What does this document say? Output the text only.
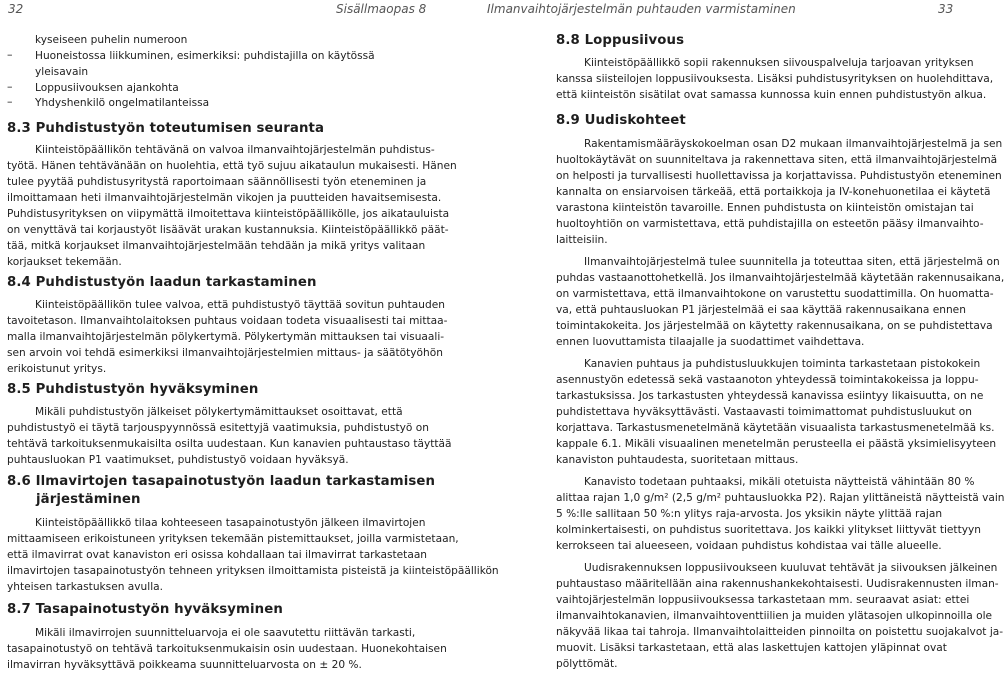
32	Sisällmaopas 8	Ilmanvaihtojärjestelmän puhtauden varmistaminen	33
kyseiseen puhelin numeroon
– Huoneistossa liikkuminen, esimerkiksi: puhdistajilla on käytössä
yleisavain
– Loppusiivouksen ajankohta
– Yhdyshenkilö ongelmatilanteissa
8.3 Puhdistustyön toteutumisen seuranta
Kiinteistöpäällikön tehtävänä on valvoa ilmanvaihtojärjestelmän puhdistus-
työtä. Hänen tehtävänään on huolehtia, että työ sujuu aikataulun mukaisesti. Hänen
tulee pyytää puhdistusyritystä raportoimaan säännöllisesti työn eteneminen ja
ilmoittamaan heti ilmanvaihtojärjestelmän vikojen ja puutteiden havaitsemisesta.
Puhdistusyrityksen on viipymättä ilmoitettava kiinteistöpäällikölle, jos aikatauluista
on venyttävä tai korjaustyöt lisäävät urakan kustannuksia. Kiinteistöpäällikkö päät-
tää, mitkä korjaukset ilmanvaihtojärjestelmään tehdään ja mikä yritys valitaan
korjaukset tekemään.
8.4 Puhdistustyön laadun tarkastaminen
Kiinteistöpäällikön tulee valvoa, että puhdistustyö täyttää sovitun puhtauden
tavoitetason. Ilmanvaihtolaitoksen puhtaus voidaan todeta visuaalisesti tai mittaa-
malla ilmanvaihtojärjestelmän pölykertymä. Pölykertymän mittauksen tai visuaali-
sen arvoin voi tehdä esimerkiksi ilmanvaihtojärjestelmien mittaus- ja säätötyöhön
erikoistunut yritys.
8.5 Puhdistustyön hyväksyminen
Mikäli puhdistustyön jälkeiset pölykertymämittaukset osoittavat, että
puhdistustyö ei täytä tarjouspyynnössä esitettyjä vaatimuksia, puhdistustyö on
tehtävä tarkoituksenmukaisilta osilta uudestaan. Kun kanavien puhtaustaso täyttää
puhtausluokan P1 vaatimukset, puhdistustyö voidaan hyväksyä.
8.6 Ilmavirtojen tasapainotustyön laadun tarkastamisen
järjestäminen
Kiinteistöpäällikkö tilaa kohteeseen tasapainotustyön jälkeen ilmavirtojen
mittaamiseen erikoistuneen yrityksen tekemään pistemittaukset, joilla varmistetaan,
että ilmavirrat ovat kanaviston eri osissa kohdallaan tai ilmavirrat tarkastetaan
ilmavirtojen tasapainotustyön tehneen yrityksen ilmoittamista pisteistä ja kiinteistöpäällikön
yhteisen tarkastuksen avulla.
8.7 Tasapainotustyön hyväksyminen
Mikäli ilmavirrojen suunnitteluarvoja ei ole saavutettu riittävän tarkasti,
tasapainotustyö on tehtävä tarkoituksenmukaisin osin uudestaan. Huonekohtaisen
ilmavirran hyväksyttävä poikkeama suunnitteluarvosta on ± 20 %.
8.8 Loppusiivous
Kiinteistöpäällikkö sopii rakennuksen siivouspalveluja tarjoavan yrityksen
kanssa siisteilojen loppusiivouksesta. Lisäksi puhdistusyrityksen on huolehdittava,
että kiinteistön sisätilat ovat samassa kunnossa kuin ennen puhdistustyön alkua.
8.9 Uudiskohteet
Rakentamismääräyskokoelman osan D2 mukaan ilmanvaihtojärjestelmä ja sen
huoltokäytävät on suunniteltava ja rakennettava siten, että ilmanvaihtojärjestelmä
on helposti ja turvallisesti huollettavissa ja korjattavissa. Puhdistustyön eteneminen
kannalta on ensiarvoisen tärkeää, että portaikkoja ja IV-konehuonetilaa ei käytetä
varastona kiinteistön tavaroille. Ennen puhdistusta on kiinteistön omistajan tai
huoltoyhtiön on varmistettava, että puhdistajilla on esteetön pääsy ilmanvaihto-
laitteisiin.
Ilmanvaihtojärjestelmä tulee suunnitella ja toteuttaa siten, että järjestelmä on
puhdas vastaanottohetkellä. Jos ilmanvaihtojärjestelmää käytetään rakennusaikana,
on varmistettava, että ilmanvaihtokone on varustettu suodattimilla. On huomatta-
va, että puhtausluokan P1 järjestelmää ei saa käyttää rakennusaikana ennen
toimintakokeita. Jos järjestelmää on käytetty rakennusaikana, on se puhdistettava
ennen luovuttamista tilaajalle ja suodattimet vaihdettava.
Kanavien puhtaus ja puhdistusluukkujen toiminta tarkastetaan pistokokein
asennustyön edetessä sekä vastaanoton yhteydessä toimintakokeissa ja loppu-
tarkastuksissa. Jos tarkastusten yhteydessä kanavissa esiintyy likaisuutta, on ne
puhdistettava hyväksyttävästi. Vastaavasti toimimattomat puhdistusluukut on
korjattava. Tarkastusmenetelmänä käytetään visuaalista tarkastusmenetelmää ks.
kappale 6.1. Mikäli visuaalinen menetelmän perusteella ei päästä yksimielisyyteen
kanaviston puhtaudesta, suoritetaan mittaus.
Kanavisto todetaan puhtaaksi, mikäli otetuista näytteistä vähintään 80 %
alittaa rajan 1,0 g/m² (2,5 g/m² puhtausluokka P2). Rajan ylittäneistä näytteistä vain
5 %:lle sallitaan 50 %:n ylitys raja-arvosta. Jos yksikin näyte ylittää rajan
kolminkertaisesti, on puhdistus suoritettava. Jos kaikki ylitykset liittyvät tiettyyn
kerrokseen tai alueeseen, voidaan puhdistus kohdistaa vai tälle alueelle.
Uudisrakennuksen loppusiivoukseen kuuluvat tehtävät ja siivouksen jälkeinen
puhtaustaso määritellään aina rakennushankekohtaisesti. Uudisrakennusten ilman-
vaihtojärjestelmän loppusiivouksessa tarkastetaan mm. seuraavat asiat: ettei
ilmanvaihtokanavien, ilmanvaihtoventtiilien ja muiden ylätasojen ulkopinnoilla ole
näkyvää likaa tai tahroja. Ilmanvaihtolaitteiden pinnoilta on poistettu suojakalvot ja-
muovit. Lisäksi tarkastetaan, että alas laskettujen kattojen yläpinnat ovat
pölyttömät.
